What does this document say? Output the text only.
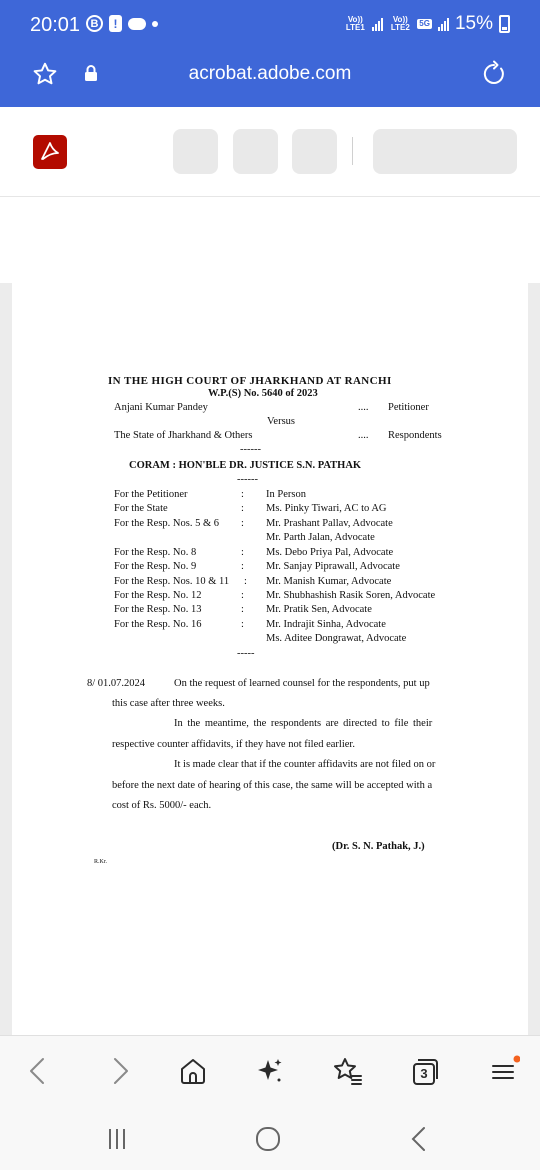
20:01 B	!	Vo)) LTE1
Vo)) LTE2 5G 15%
acrobat.adobe.com
IN THE HIGH COURT OF JHARKHAND AT RANCHI
W.P.(S) No. 5640 of 2023
Anjani Kumar Pandey	.... Petitioner
Versus
The State of Jharkhand & Others	.... Respondents
------
CORAM : HON'BLE DR. JUSTICE S.N. PATHAK
------
For the Petitioner	: In Person
For the State	: Ms. Pinky Tiwari, AC to AG
For the Resp. Nos. 5 & 6 : Mr. Prashant Pallav, Advocate
Mr. Parth Jalan, Advocate
For the Resp. No. 8	: Ms. Debo Priya Pal, Advocate
For the Resp. No. 9	: Mr. Sanjay Piprawall, Advocate
For the Resp. Nos. 10 & 11 : Mr. Manish Kumar, Advocate
For the Resp. No. 12	: Mr. Shubhashish Rasik Soren, Advocate
For the Resp. No. 13	: Mr. Pratik Sen, Advocate
For the Resp. No. 16	: Mr. Indrajit Sinha, Advocate
Ms. Aditee Dongrawat, Advocate
-----
8/ 01.07.2024	On the request of learned counsel for the respondents, put up
this case after three weeks.
In the meantime, the respondents are directed to file their
respective counter affidavits, if they have not filed earlier.
It is made clear that if the counter affidavits are not filed on or
before the next date of hearing of this case, the same will be accepted with a
cost of Rs. 5000/- each.
(Dr. S. N. Pathak, J.)
R.Kr.
3
